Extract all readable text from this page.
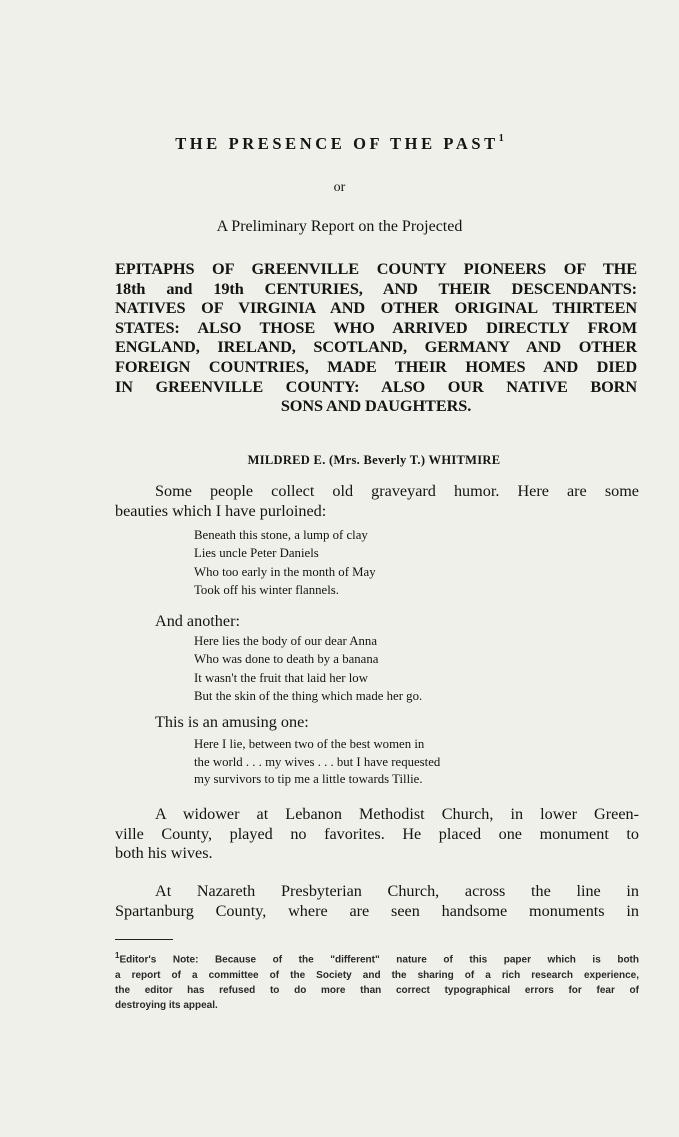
THE PRESENCE OF THE PAST$^1$
or
A Preliminary Report on the Projected
EPITAPHS OF GREENVILLE COUNTY PIONEERS OF THE
18th and 19th CENTURIES, AND THEIR DESCENDANTS:
NATIVES OF VIRGINIA AND OTHER ORIGINAL THIRTEEN
STATES: ALSO THOSE WHO ARRIVED DIRECTLY FROM
ENGLAND, IRELAND, SCOTLAND, GERMANY AND OTHER
FOREIGN COUNTRIES, MADE THEIR HOMES AND DIED
IN GREENVILLE COUNTY: ALSO OUR NATIVE BORN
SONS AND DAUGHTERS.
MILDRED E. (Mrs. Beverly T.) WHITMIRE
Some people collect old graveyard humor. Here are some
beauties which I have purloined:
Beneath this stone, a lump of clay
Lies uncle Peter Daniels
Who too early in the month of May
Took off his winter flannels.
And another:
Here lies the body of our dear Anna
Who was done to death by a banana
It wasn't the fruit that laid her low
But the skin of the thing which made her go.
This is an amusing one:
Here I lie, between two of the best women in
the world . . . my wives . . . but I have requested
my survivors to tip me a little towards Tillie.
A widower at Lebanon Methodist Church, in lower Green-
ville County, played no favorites. He placed one monument to
both his wives.
At Nazareth Presbyterian Church, across the line in
Spartanburg County, where are seen handsome monuments in
$^1$Editor's Note: Because of the "different" nature of this paper which is both
a report of a committee of the Society and the sharing of a rich research experience,
the editor has refused to do more than correct typographical errors for fear of
destroying its appeal.
